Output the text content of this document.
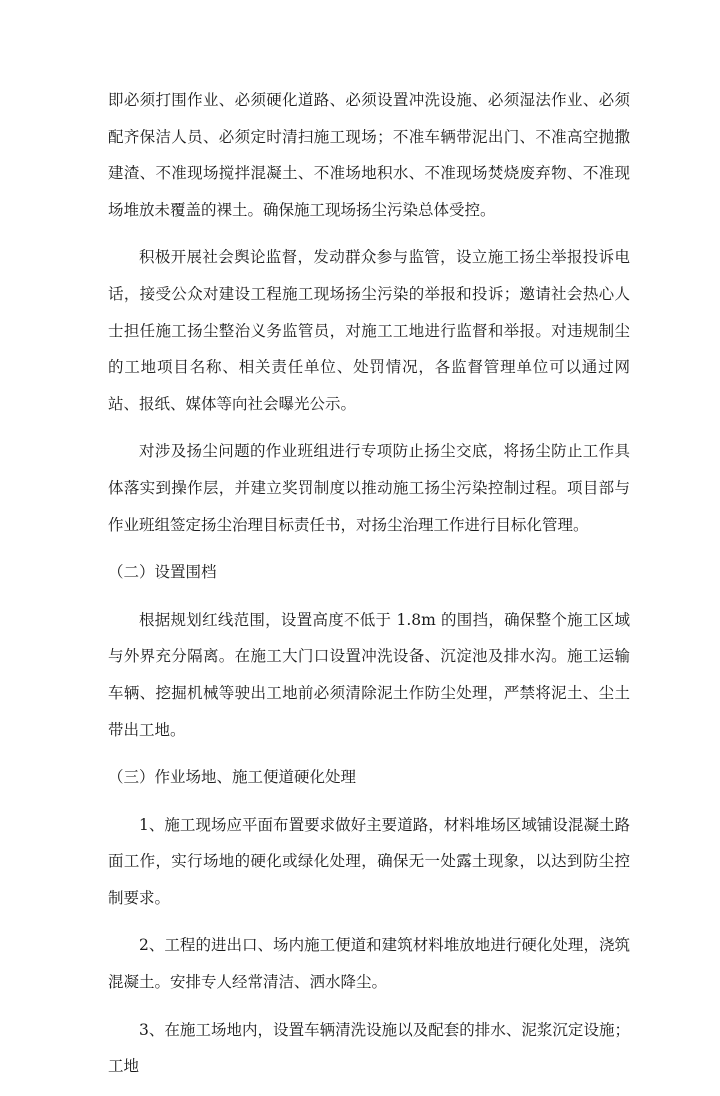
即必须打围作业、必须硬化道路、必须设置冲洗设施、必须湿法作业、必须配齐保洁人员、必须定时清扫施工现场；不准车辆带泥出门、不准高空抛撒建渣、不准现场搅拌混凝土、不准场地积水、不准现场焚烧废弃物、不准现场堆放未覆盖的裸土。确保施工现场扬尘污染总体受控。

积极开展社会舆论监督，发动群众参与监管，设立施工扬尘举报投诉电话，接受公众对建设工程施工现场扬尘污染的举报和投诉；邀请社会热心人士担任施工扬尘整治义务监管员，对施工工地进行监督和举报。对违规制尘的工地项目名称、相关责任单位、处罚情况，各监督管理单位可以通过网站、报纸、媒体等向社会曝光公示。

对涉及扬尘问题的作业班组进行专项防止扬尘交底，将扬尘防止工作具体落实到操作层，并建立奖罚制度以推动施工扬尘污染控制过程。项目部与作业班组签定扬尘治理目标责任书，对扬尘治理工作进行目标化管理。

（二）设置围档

根据规划红线范围，设置高度不低于 1.8m 的围挡，确保整个施工区域与外界充分隔离。在施工大门口设置冲洗设备、沉淀池及排水沟。施工运输车辆、挖掘机械等驶出工地前必须清除泥土作防尘处理，严禁将泥土、尘土带出工地。

（三）作业场地、施工便道硬化处理

1、施工现场应平面布置要求做好主要道路，材料堆场区域铺设混凝土路面工作，实行场地的硬化或绿化处理，确保无一处露土现象，以达到防尘控制要求。

2、工程的进出口、场内施工便道和建筑材料堆放地进行硬化处理，浇筑混凝土。安排专人经常清洁、洒水降尘。

3、在施工场地内，设置车辆清洗设施以及配套的排水、泥浆沉定设施；工地
